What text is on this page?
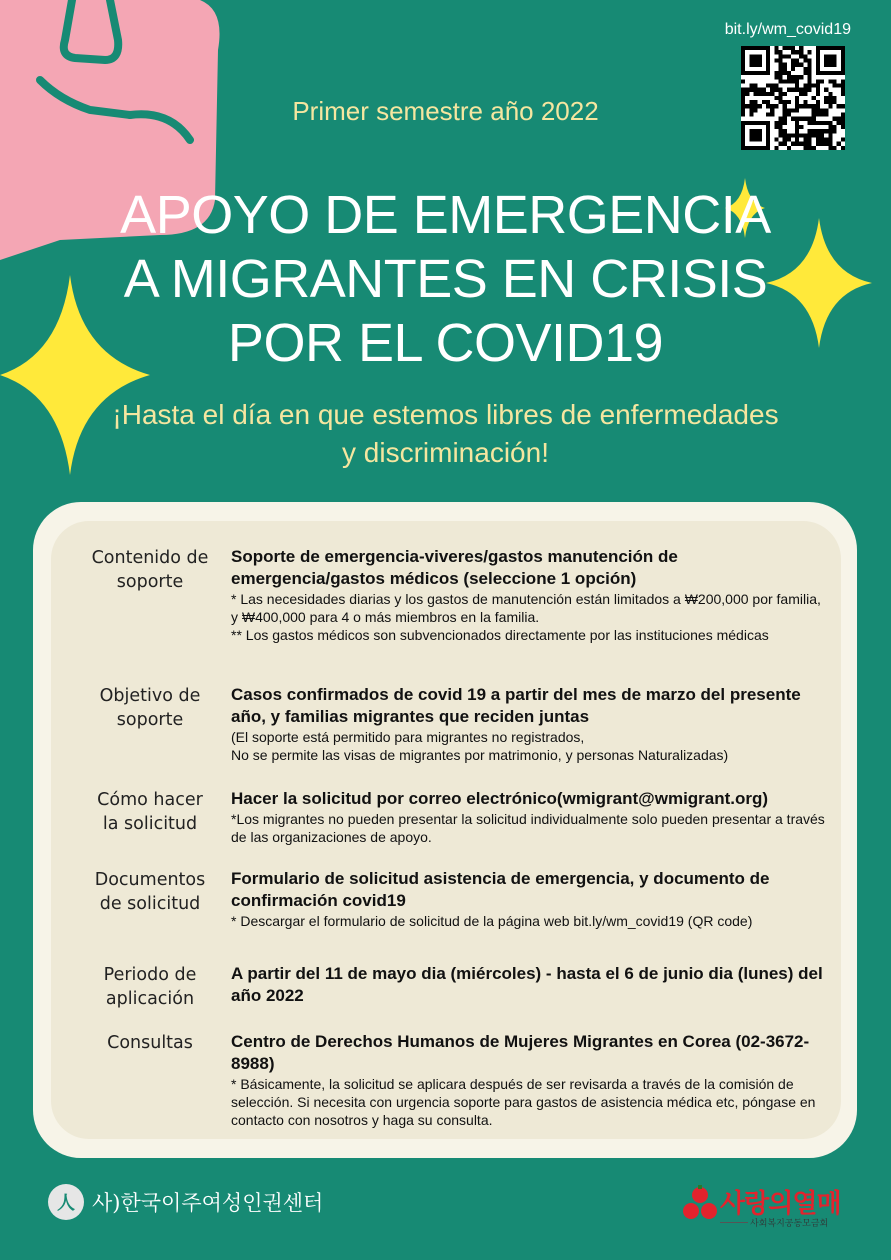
bit.ly/wm_covid19
Primer semestre año 2022
APOYO DE EMERGENCIA
A MIGRANTES EN CRISIS
POR EL COVID19
¡Hasta el día en que estemos libres de enfermedades
y discriminación!
Contenido de
soporte
Soporte de emergencia-viveres/gastos manutención de emergencia/gastos médicos (seleccione 1 opción)
* Las necesidades diarias y los gastos de manutención están limitados a ₩200,000 por familia, y ₩400,000 para 4 o más miembros en la familia.
** Los gastos médicos son subvencionados directamente por las instituciones médicas
Objetivo de
soporte
Casos confirmados de covid 19 a partir del mes de marzo del presente año, y familias migrantes que reciden juntas
(El soporte está permitido para migrantes no registrados,
No se permite las visas de migrantes por matrimonio, y personas Naturalizadas)
Cómo hacer
la solicitud
Hacer la solicitud por correo electrónico(wmigrant@wmigrant.org)
*Los migrantes no pueden presentar la solicitud individualmente solo pueden presentar a través de las organizaciones de apoyo.
Documentos
de solicitud
Formulario de solicitud asistencia de emergencia, y documento de confirmación covid19
* Descargar el formulario de solicitud de la página web bit.ly/wm_covid19 (QR code)
Periodo de
aplicación
A partir del 11 de mayo dia (miércoles) - hasta el 6 de junio dia (lunes) del año 2022
Consultas	Centro de Derechos Humanos de Mujeres Migrantes en Corea (02-3672-8988)
* Básicamente, la solicitud se aplicara después de ser revisarda a través de la comisión de selección. Si necesita con urgencia soporte para gastos de asistencia médica etc, póngase en contacto con nosotros y haga su consulta.
人 사)한국이주여성인권센터	사랑의열매
사회복지공동모금회
